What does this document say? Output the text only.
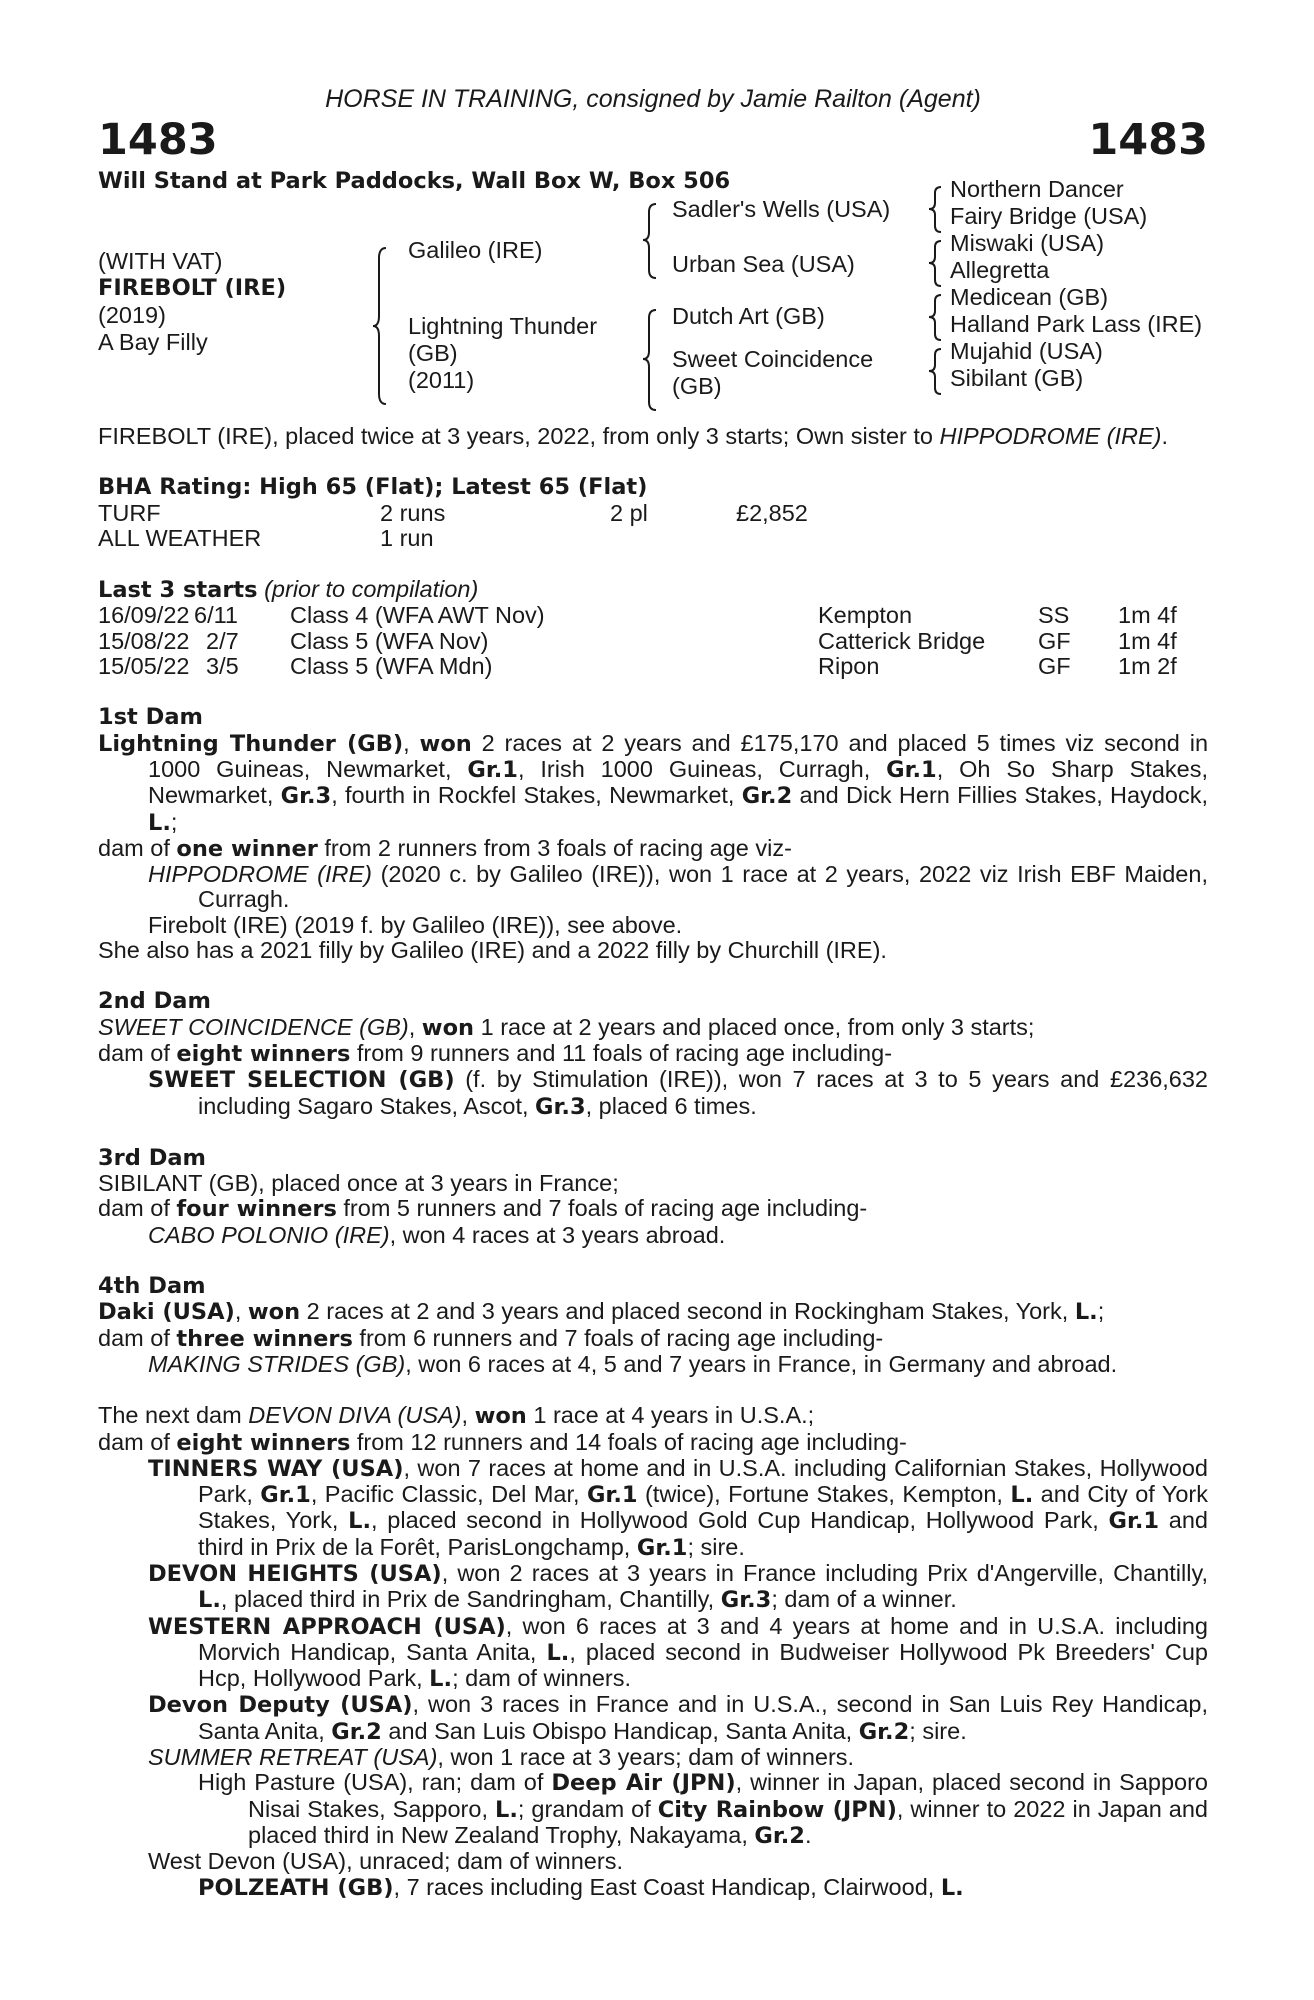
HORSE IN TRAINING, consigned by Jamie Railton (Agent)
1483	1483
Will Stand at Park Paddocks, Wall Box W, Box 506
(WITH VAT)
FIREBOLT (IRE)
(2019)
A Bay Filly
Galileo (IRE)
Lightning Thunder
(GB)
(2011)
Sadler's Wells (USA)
Urban Sea (USA)
Dutch Art (GB)
Sweet Coincidence
(GB)
Northern Dancer
Fairy Bridge (USA)
Miswaki (USA)
Allegretta
Medicean (GB)
Halland Park Lass (IRE)
Mujahid (USA)
Sibilant (GB)

FIREBOLT (IRE), placed twice at 3 years, 2022, from only 3 starts; Own sister to HIPPODROME (IRE).

BHA Rating: High 65 (Flat); Latest 65 (Flat)
TURF	2 runs	2 pl	£2,852
ALL WEATHER	1 run
Last 3 starts (prior to compilation)
16/09/22 6/11 Class 4 (WFA AWT Nov)	Kempton	SS 1m 4f
15/08/22 2/7 Class 5 (WFA Nov)	Catterick Bridge GF 1m 4f
15/05/22 3/5 Class 5 (WFA Mdn)	Ripon	GF 1m 2f
1st Dam

Lightning Thunder (GB), won 2 races at 2 years and £175,170 and placed 5 times viz second in 1000 Guineas, Newmarket, Gr.1, Irish 1000 Guineas, Curragh, Gr.1, Oh So Sharp Stakes, Newmarket, Gr.3, fourth in Rockfel Stakes, Newmarket, Gr.2 and Dick Hern Fillies Stakes, Haydock, L.;

dam of one winner from 2 runners from 3 foals of racing age viz-

HIPPODROME (IRE) (2020 c. by Galileo (IRE)), won 1 race at 2 years, 2022 viz Irish EBF Maiden, Curragh.

Firebolt (IRE) (2019 f. by Galileo (IRE)), see above.

She also has a 2021 filly by Galileo (IRE) and a 2022 filly by Churchill (IRE).

2nd Dam

SWEET COINCIDENCE (GB), won 1 race at 2 years and placed once, from only 3 starts;

dam of eight winners from 9 runners and 11 foals of racing age including-

SWEET SELECTION (GB) (f. by Stimulation (IRE)), won 7 races at 3 to 5 years and £236,632 including Sagaro Stakes, Ascot, Gr.3, placed 6 times.

3rd Dam

SIBILANT (GB), placed once at 3 years in France;

dam of four winners from 5 runners and 7 foals of racing age including-

CABO POLONIO (IRE), won 4 races at 3 years abroad.

4th Dam

Daki (USA), won 2 races at 2 and 3 years and placed second in Rockingham Stakes, York, L.;

dam of three winners from 6 runners and 7 foals of racing age including-

MAKING STRIDES (GB), won 6 races at 4, 5 and 7 years in France, in Germany and abroad.

The next dam DEVON DIVA (USA), won 1 race at 4 years in U.S.A.;

dam of eight winners from 12 runners and 14 foals of racing age including-

TINNERS WAY (USA), won 7 races at home and in U.S.A. including Californian Stakes, Hollywood Park, Gr.1, Pacific Classic, Del Mar, Gr.1 (twice), Fortune Stakes, Kempton, L. and City of York Stakes, York, L., placed second in Hollywood Gold Cup Handicap, Hollywood Park, Gr.1 and third in Prix de la Forêt, ParisLongchamp, Gr.1; sire.

DEVON HEIGHTS (USA), won 2 races at 3 years in France including Prix d'Angerville, Chantilly, L., placed third in Prix de Sandringham, Chantilly, Gr.3; dam of a winner.

WESTERN APPROACH (USA), won 6 races at 3 and 4 years at home and in U.S.A. including Morvich Handicap, Santa Anita, L., placed second in Budweiser Hollywood Pk Breeders' Cup Hcp, Hollywood Park, L.; dam of winners.

Devon Deputy (USA), won 3 races in France and in U.S.A., second in San Luis Rey Handicap, Santa Anita, Gr.2 and San Luis Obispo Handicap, Santa Anita, Gr.2; sire.

SUMMER RETREAT (USA), won 1 race at 3 years; dam of winners.

High Pasture (USA), ran; dam of Deep Air (JPN), winner in Japan, placed second in Sapporo Nisai Stakes, Sapporo, L.; grandam of City Rainbow (JPN), winner to 2022 in Japan and placed third in New Zealand Trophy, Nakayama, Gr.2.

West Devon (USA), unraced; dam of winners.

POLZEATH (GB), 7 races including East Coast Handicap, Clairwood, L.
